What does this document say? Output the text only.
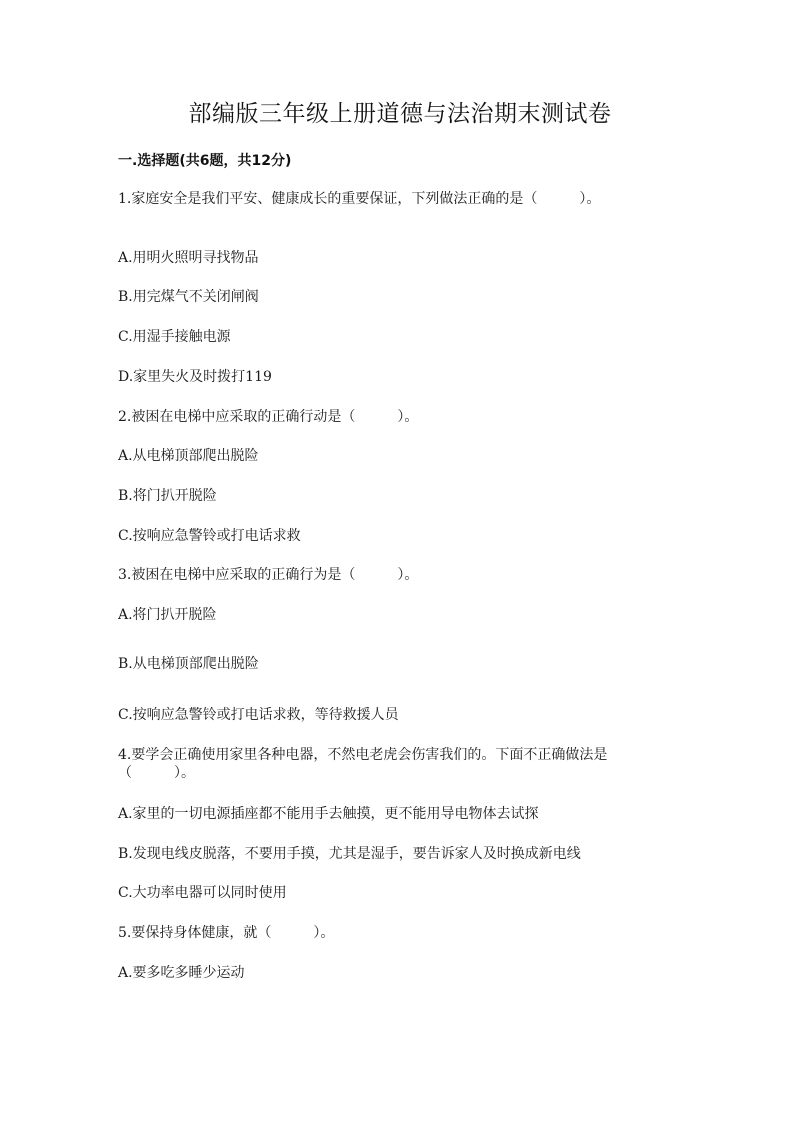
部编版三年级上册道德与法治期末测试卷
一.选择题(共6题，共12分)
1.家庭安全是我们平安、健康成长的重要保证，下列做法正确的是（　　　）。
A.用明火照明寻找物品
B.用完煤气不关闭闸阀
C.用湿手接触电源
D.家里失火及时拨打119
2.被困在电梯中应采取的正确行动是（　　　）。
A.从电梯顶部爬出脱险
B.将门扒开脱险
C.按响应急警铃或打电话求救
3.被困在电梯中应采取的正确行为是（　　　）。
A.将门扒开脱险
B.从电梯顶部爬出脱险
C.按响应急警铃或打电话求救，等待救援人员
4.要学会正确使用家里各种电器，不然电老虎会伤害我们的。下面不正确做法是（　　　）。
A.家里的一切电源插座都不能用手去触摸，更不能用导电物体去试探
B.发现电线皮脱落，不要用手摸，尤其是湿手，要告诉家人及时换成新电线
C.大功率电器可以同时使用
5.要保持身体健康，就（　　　）。
A.要多吃多睡少运动
